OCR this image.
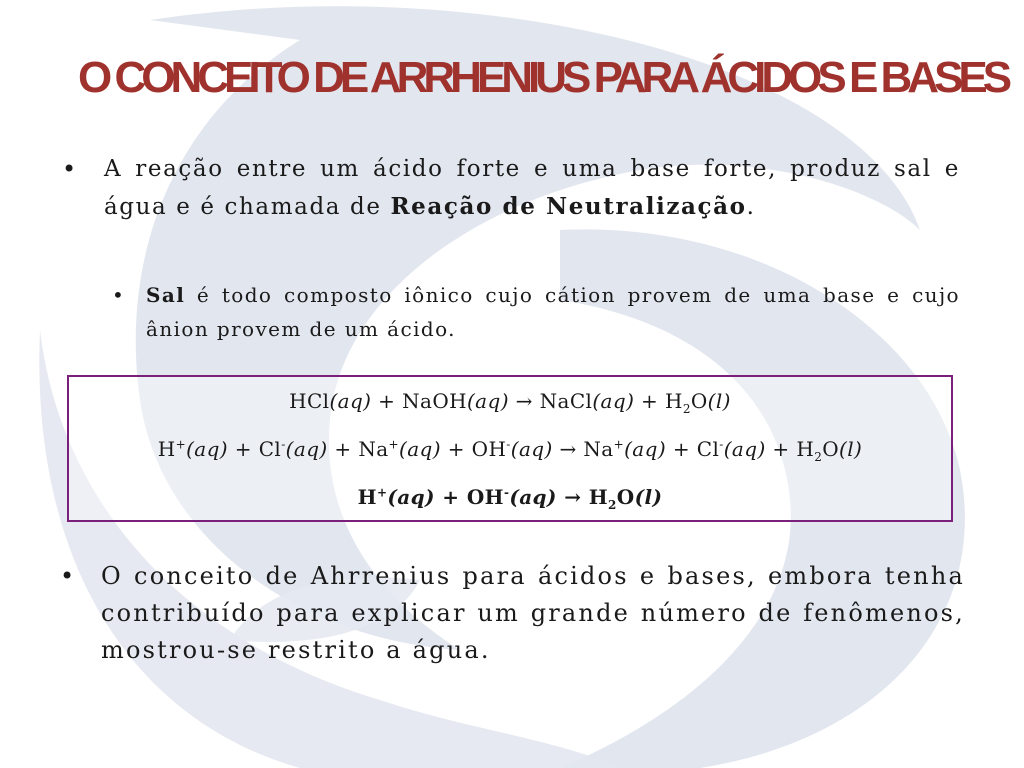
O CONCEITO DE ARRHENIUS PARA ÁCIDOS E BASES
• A reação entre um ácido forte e uma base forte, produz sal e água e é chamada de Reação de Neutralização.
• Sal é todo composto iônico cujo cátion provem de uma base e cujo ânion provem de um ácido.
HCl(aq) + NaOH(aq) → NaCl(aq) + $H_2O(l)$
$H^+(aq) + Cl^-(aq) + Na^+(aq) + OH^-(aq) \to Na^+(aq) + Cl^-(aq) + H_2O(l)$
$H^+(aq) + OH^-(aq) \to H_2O(l)$
• O conceito de Ahrrenius para ácidos e bases, embora tenha contribuído para explicar um grande número de fenômenos, mostrou-se restrito a água.
